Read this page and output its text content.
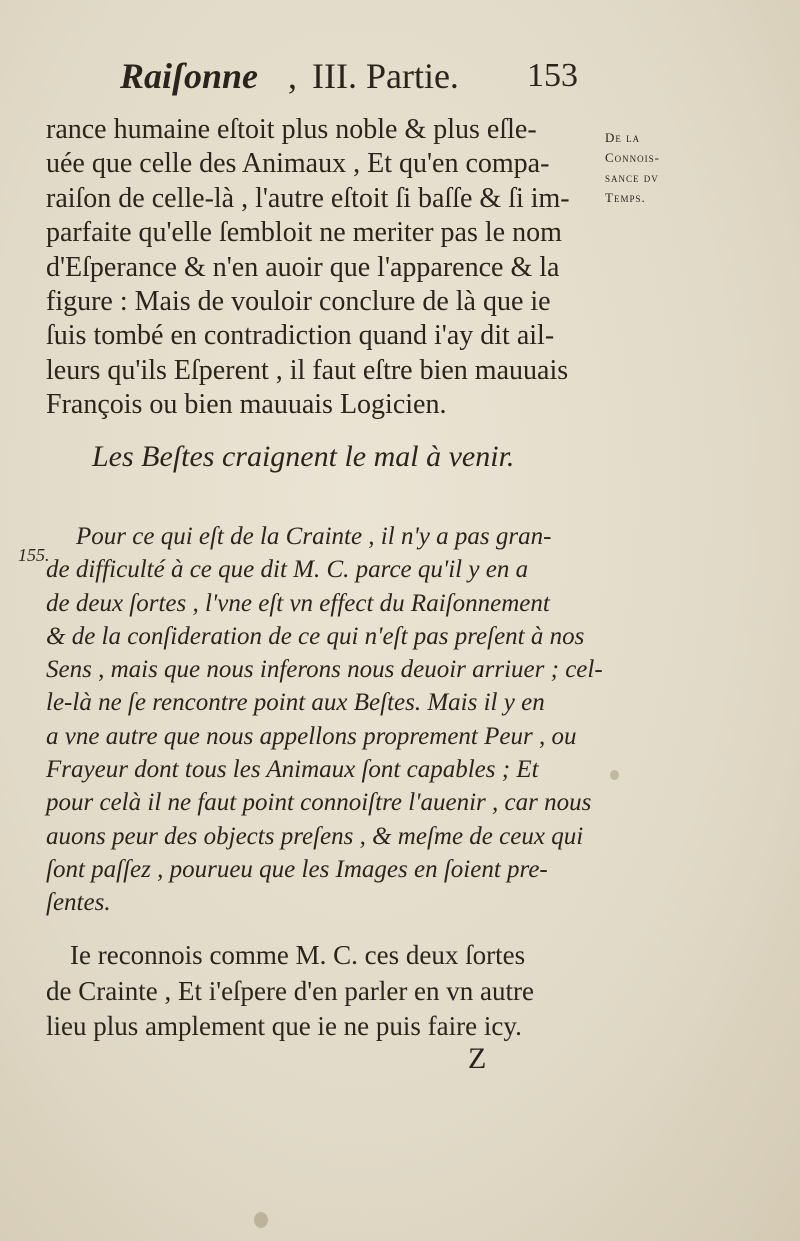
Raiſonne , III. Partie. 153
De la
Connois-
sance dv
Temps.
rance humaine eſtoit plus noble & plus eſle-
uée que celle des Animaux , Et qu'en compa-
raiſon de celle-là , l'autre eſtoit ſi baſſe & ſi im-
parfaite qu'elle ſembloit ne meriter pas le nom
d'Eſperance & n'en auoir que l'apparence & la
figure : Mais de vouloir conclure de là que ie
ſuis tombé en contradiction quand i'ay dit ail-
leurs qu'ils Eſperent , il faut eſtre bien mauuais
François ou bien mauuais Logicien.
Les Beſtes craignent le mal à venir.
155.
Pour ce qui eſt de la Crainte , il n'y a pas gran-
de difficulté à ce que dit M. C. parce qu'il y en a
de deux ſortes , l'vne eſt vn effect du Raiſonnement
& de la conſideration de ce qui n'eſt pas preſent à nos
Sens , mais que nous inferons nous deuoir arriuer ; cel-
le-là ne ſe rencontre point aux Beſtes. Mais il y en
a vne autre que nous appellons proprement Peur , ou
Frayeur dont tous les Animaux ſont capables ; Et
pour celà il ne faut point connoiſtre l'auenir , car nous
auons peur des objects preſens , & meſme de ceux qui
ſont paſſez , pourueu que les Images en ſoient pre-
ſentes.
Ie reconnois comme M. C. ces deux ſortes
de Crainte , Et i'eſpere d'en parler en vn autre
lieu plus amplement que ie ne puis faire icy.
Z
